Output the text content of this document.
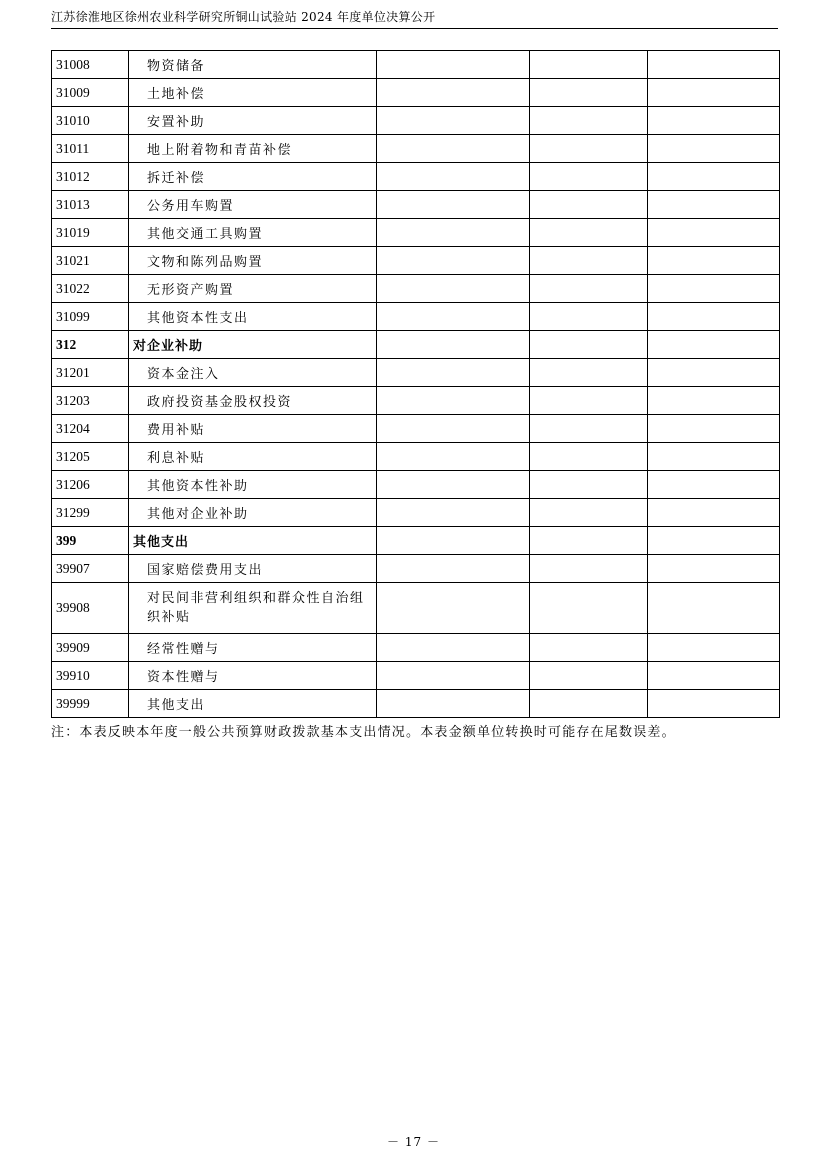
江苏徐淮地区徐州农业科学研究所铜山试验站 2024 年度单位决算公开
31008	物资储备			
31009	土地补偿			
31010	安置补助			
31011	地上附着物和青苗补偿			
31012	拆迁补偿			
31013	公务用车购置			
31019	其他交通工具购置			
31021	文物和陈列品购置			
31022	无形资产购置			
31099	其他资本性支出			
312	对企业补助			
31201	资本金注入			
31203	政府投资基金股权投资			
31204	费用补贴			
31205	利息补贴			
31206	其他资本性补助			
31299	其他对企业补助			
399	其他支出			
39907	国家赔偿费用支出			
39908	对民间非营利组织和群众性自治组织补贴			
39909	经常性赠与			
39910	资本性赠与			
39999	其他支出			
注：本表反映本年度一般公共预算财政拨款基本支出情况。本表金额单位转换时可能存在尾数误差。
－ 17 －
